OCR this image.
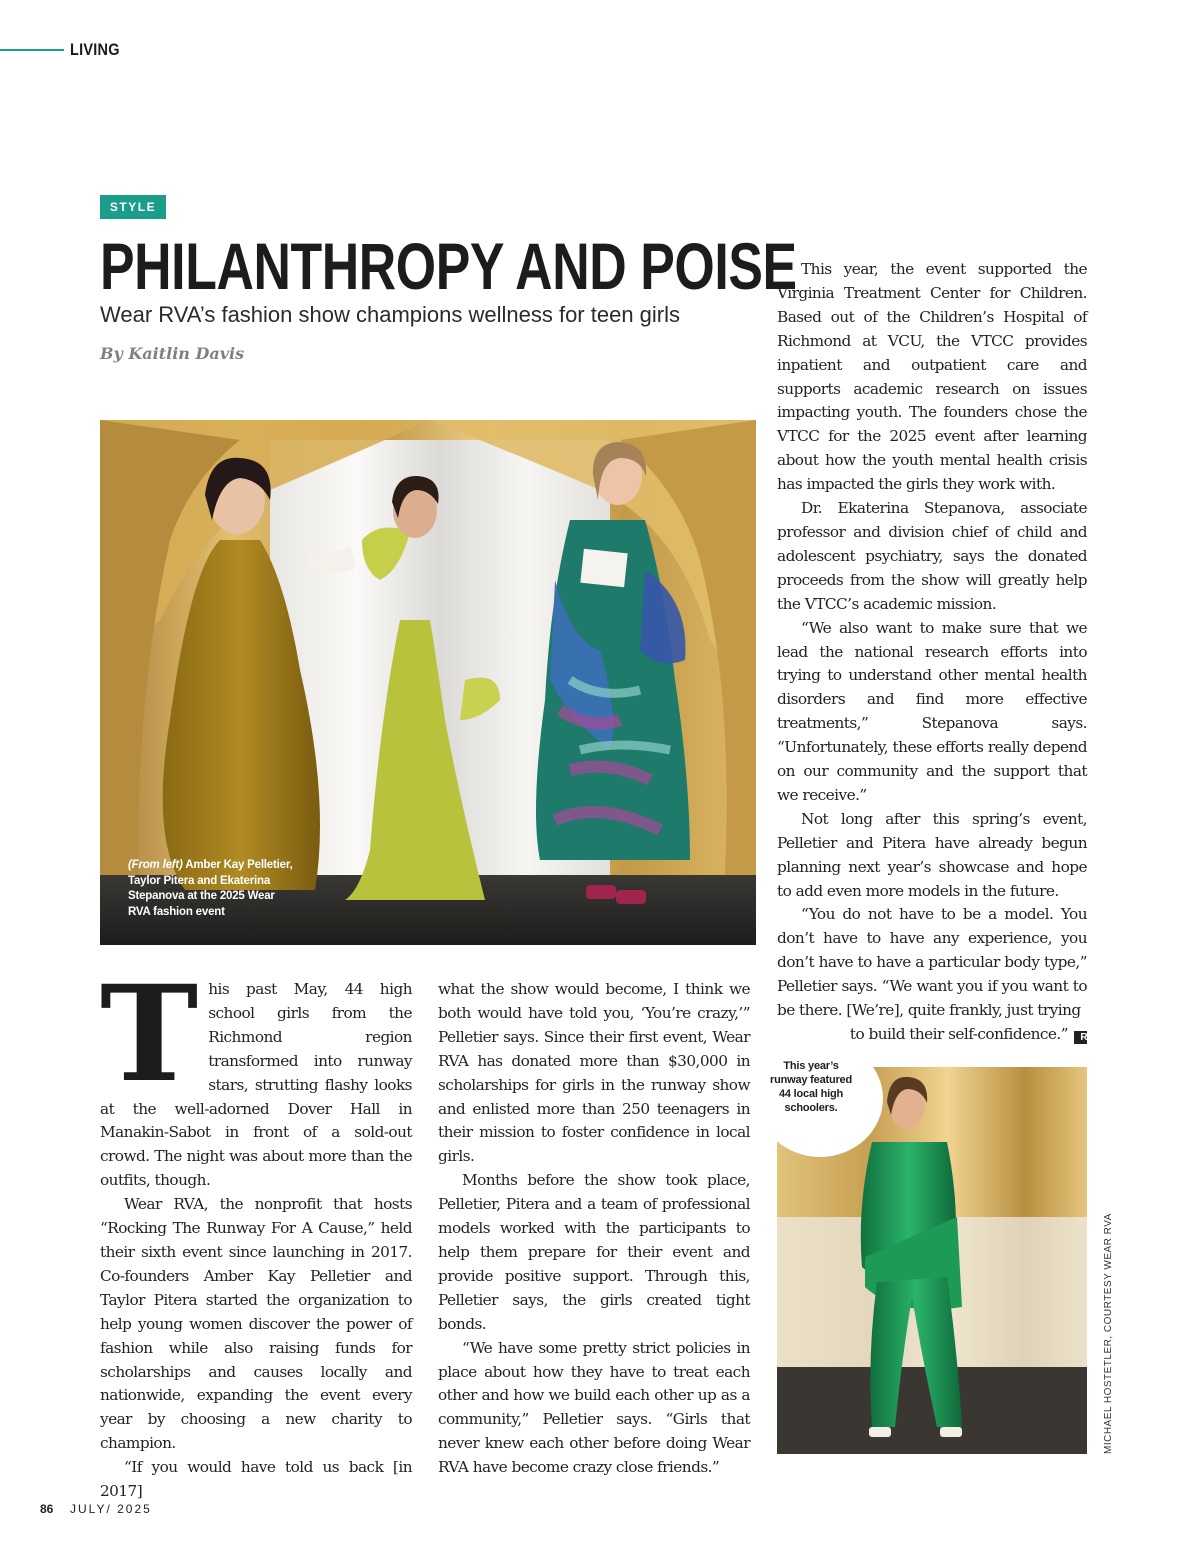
LIVING
STYLE
PHILANTHROPY AND POISE
Wear RVA’s fashion show champions wellness for teen girls
By Kaitlin Davis
(From left) Amber Kay Pelletier, Taylor Pitera and Ekaterina Stepanova at the 2025 Wear RVA fashion event
This year’s runway featured 44 local high schoolers.
MICHAEL HOSTETLER, COURTESY WEAR RVA
T his past May, 44 high school girls from the Richmond region transformed into runway stars, strutting flashy looks at the well-adorned Dover Hall in Manakin-Sabot in front of a sold-out crowd. The night was about more than the outfits, though.

Wear RVA, the nonprofit that hosts “Rocking The Runway For A Cause,” held their sixth event since launching in 2017. Co-founders Amber Kay Pelletier and Taylor Pitera started the organization to help young women discover the power of fashion while also raising funds for scholarships and causes locally and nationwide, expanding the event every year by choosing a new charity to champion.

“If you would have told us back [in 2017]

what the show would become, I think we both would have told you, ‘You’re crazy,’” Pelletier says. Since their first event, Wear RVA has donated more than $30,000 in scholarships for girls in the runway show and enlisted more than 250 teenagers in their mission to foster confidence in local girls.

Months before the show took place, Pelletier, Pitera and a team of professional models worked with the participants to help them prepare for their event and provide positive support. Through this, Pelletier says, the girls created tight bonds.

“We have some pretty strict policies in place about how they have to treat each other and how we build each other up as a community,” Pelletier says. “Girls that never knew each other before doing Wear RVA have become crazy close friends.”

This year, the event supported the Virginia Treatment Center for Children. Based out of the Children’s Hospital of Richmond at VCU, the VTCC provides inpatient and outpatient care and supports academic research on issues impacting youth. The founders chose the VTCC for the 2025 event after learning about how the youth mental health crisis has impacted the girls they work with.

Dr. Ekaterina Stepanova, associate professor and division chief of child and adolescent psychiatry, says the donated proceeds from the show will greatly help the VTCC’s academic mission.

“We also want to make sure that we lead the national research efforts into trying to understand other mental health disorders and find more effective treatments,” Stepanova says. “Unfortunately, these efforts really depend on our community and the support that we receive.”

Not long after this spring’s event, Pelletier and Pitera have already begun planning next year’s showcase and hope to add even more models in the future.

“You do not have to be a model. You don’t have to have any experience, you don’t have to have a particular body type,” Pelletier says. “We want you if you want to be there. [We’re], quite frankly, just trying

to build their self-confidence.” R

86 JULY/ 2025
